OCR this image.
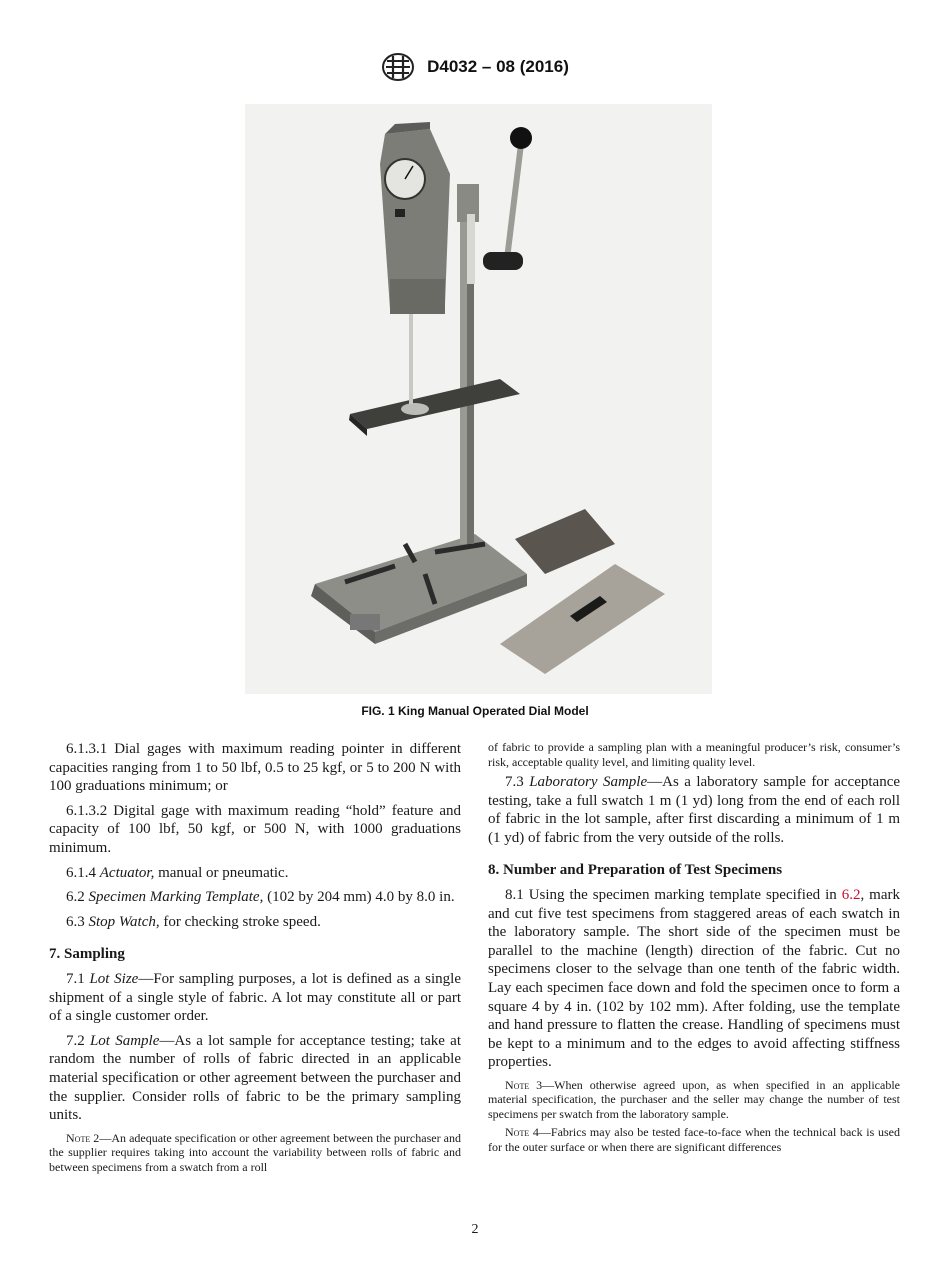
D4032 – 08 (2016)
FIG. 1 King Manual Operated Dial Model

6.1.3.1 Dial gages with maximum reading pointer in different capacities ranging from 1 to 50 lbf, 0.5 to 25 kgf, or 5 to 200 N with 100 graduations minimum; or

6.1.3.2 Digital gage with maximum reading “hold” feature and capacity of 100 lbf, 50 kgf, or 500 N, with 1000 graduations minimum.

6.1.4 Actuator, manual or pneumatic.

6.2 Specimen Marking Template, (102 by 204 mm) 4.0 by 8.0 in.

6.3 Stop Watch, for checking stroke speed.

7. Sampling

7.1 Lot Size—For sampling purposes, a lot is defined as a single shipment of a single style of fabric. A lot may constitute all or part of a single customer order.

7.2 Lot Sample—As a lot sample for acceptance testing; take at random the number of rolls of fabric directed in an applicable material specification or other agreement between the purchaser and the supplier. Consider rolls of fabric to be the primary sampling units.

Note 2—An adequate specification or other agreement between the purchaser and the supplier requires taking into account the variability between rolls of fabric and between specimens from a swatch from a roll

of fabric to provide a sampling plan with a meaningful producer’s risk, consumer’s risk, acceptable quality level, and limiting quality level.

7.3 Laboratory Sample—As a laboratory sample for acceptance testing, take a full swatch 1 m (1 yd) long from the end of each roll of fabric in the lot sample, after first discarding a minimum of 1 m (1 yd) of fabric from the very outside of the rolls.

8. Number and Preparation of Test Specimens

8.1 Using the specimen marking template specified in 6.2, mark and cut five test specimens from staggered areas of each swatch in the laboratory sample. The short side of the specimen must be parallel to the machine (length) direction of the fabric. Cut no specimens closer to the selvage than one tenth of the fabric width. Lay each specimen face down and fold the specimen once to form a square 4 by 4 in. (102 by 102 mm). After folding, use the template and hand pressure to flatten the crease. Handling of specimens must be kept to a minimum and to the edges to avoid affecting stiffness properties.

Note 3—When otherwise agreed upon, as when specified in an applicable material specification, the purchaser and the seller may change the number of test specimens per swatch from the laboratory sample.

Note 4—Fabrics may also be tested face-to-face when the technical back is used for the outer surface or when there are significant differences

2
